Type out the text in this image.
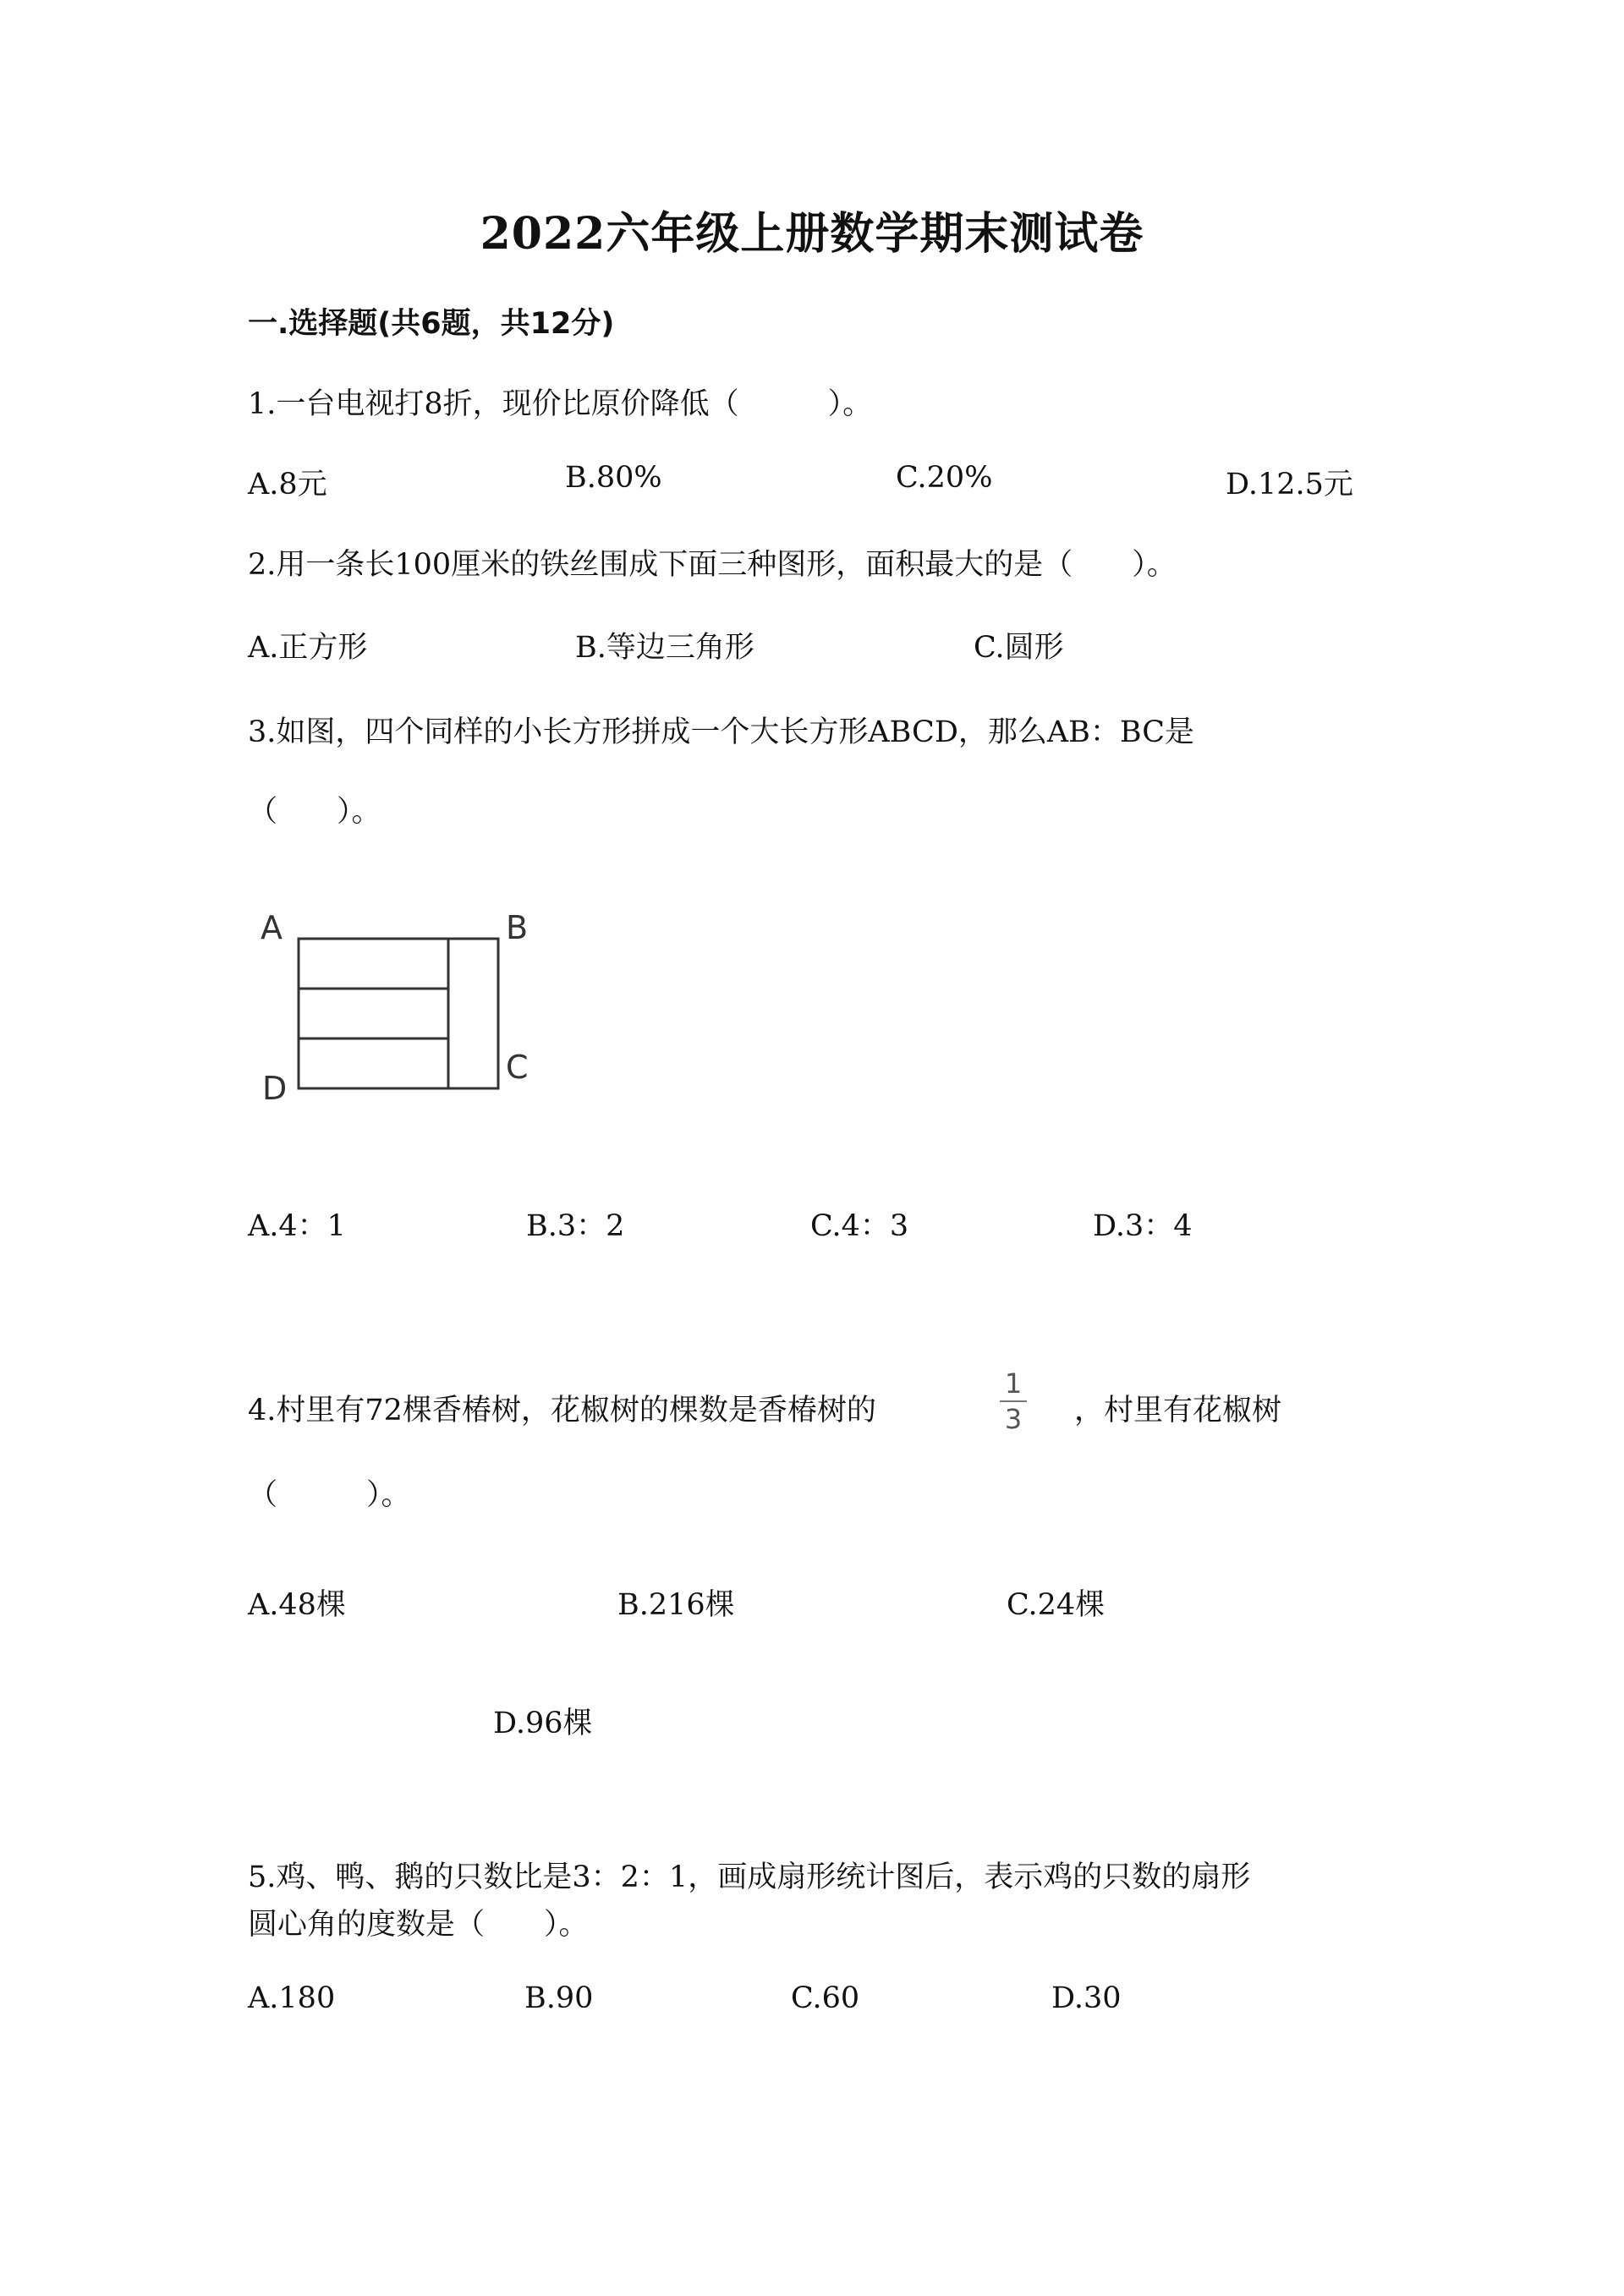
2022六年级上册数学期末测试卷
一.选择题(共6题，共12分)
1.一台电视打8折，现价比原价降低（　　　）。
A.8元	B.80%	C.20%	D.12.5元
2.用一条长100厘米的铁丝围成下面三种图形，面积最大的是（　　）。
A.正方形	B.等边三角形	C.圆形
3.如图，四个同样的小长方形拼成一个大长方形ABCD，那么AB：BC是
（　　）。
A	B
C
D
A.4：1	B.3：2	C.4：3	D.3：4
4.村里有72棵香椿树，花椒树的棵数是香椿树的
1
3 ，村里有花椒树
（　　　）。
A.48棵	B.216棵	C.24棵
D.96棵
5.鸡、鸭、鹅的只数比是3：2：1，画成扇形统计图后，表示鸡的只数的扇形
圆心角的度数是（　　）。
A.180	B.90	C.60	D.30
